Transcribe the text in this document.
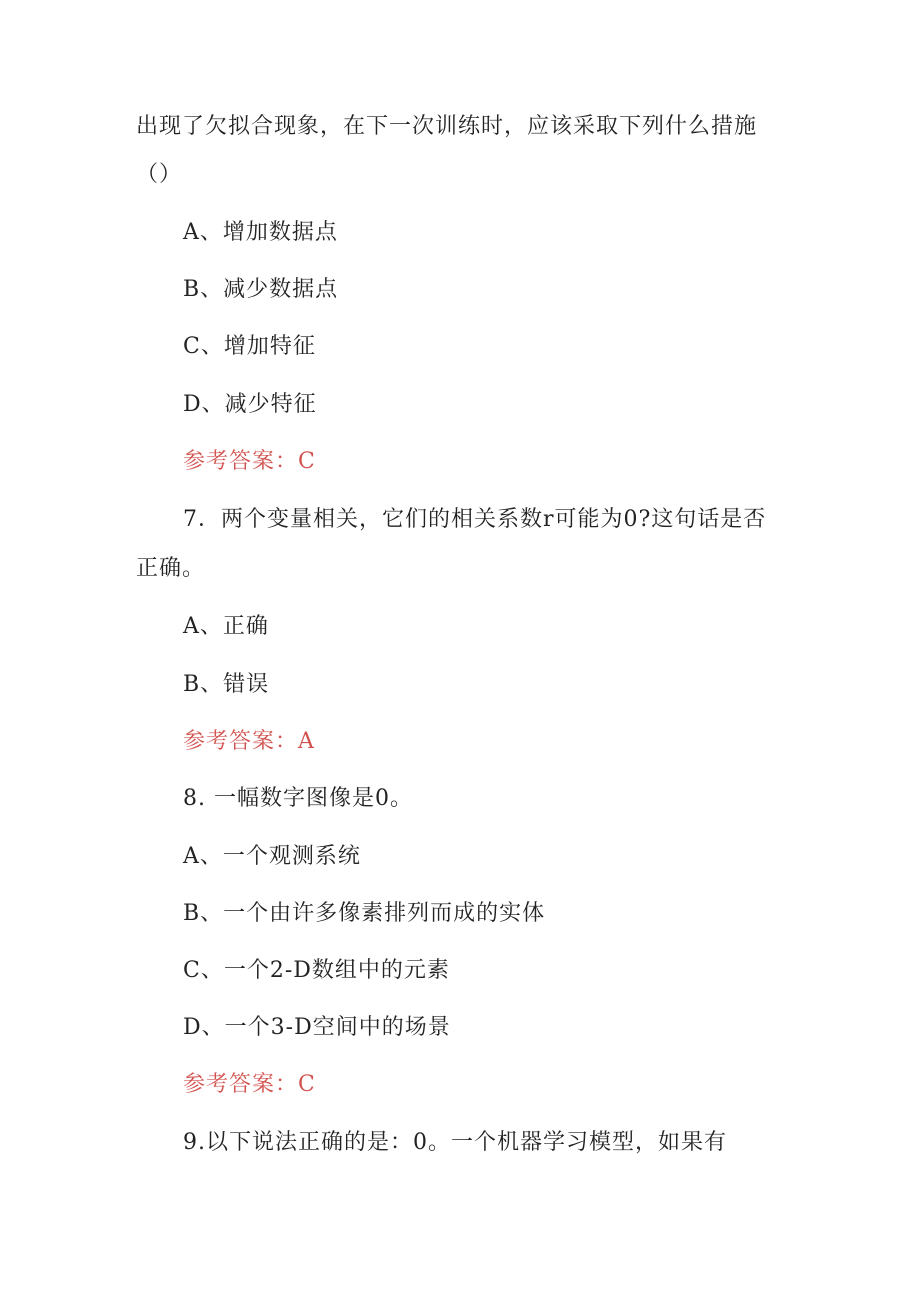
出现了欠拟合现象，在下一次训练时，应该采取下列什么措施
（）
A、增加数据点
B、减少数据点
C、增加特征
D、减少特征
参考答案：C
7．两个变量相关，它们的相关系数r可能为0?这句话是否
正确。
A、正确
B、错误
参考答案：A
8. 一幅数字图像是0。
A、一个观测系统
B、一个由许多像素排列而成的实体
C、一个2-D数组中的元素
D、一个3-D空间中的场景
参考答案：C
9.以下说法正确的是：0。一个机器学习模型，如果有
